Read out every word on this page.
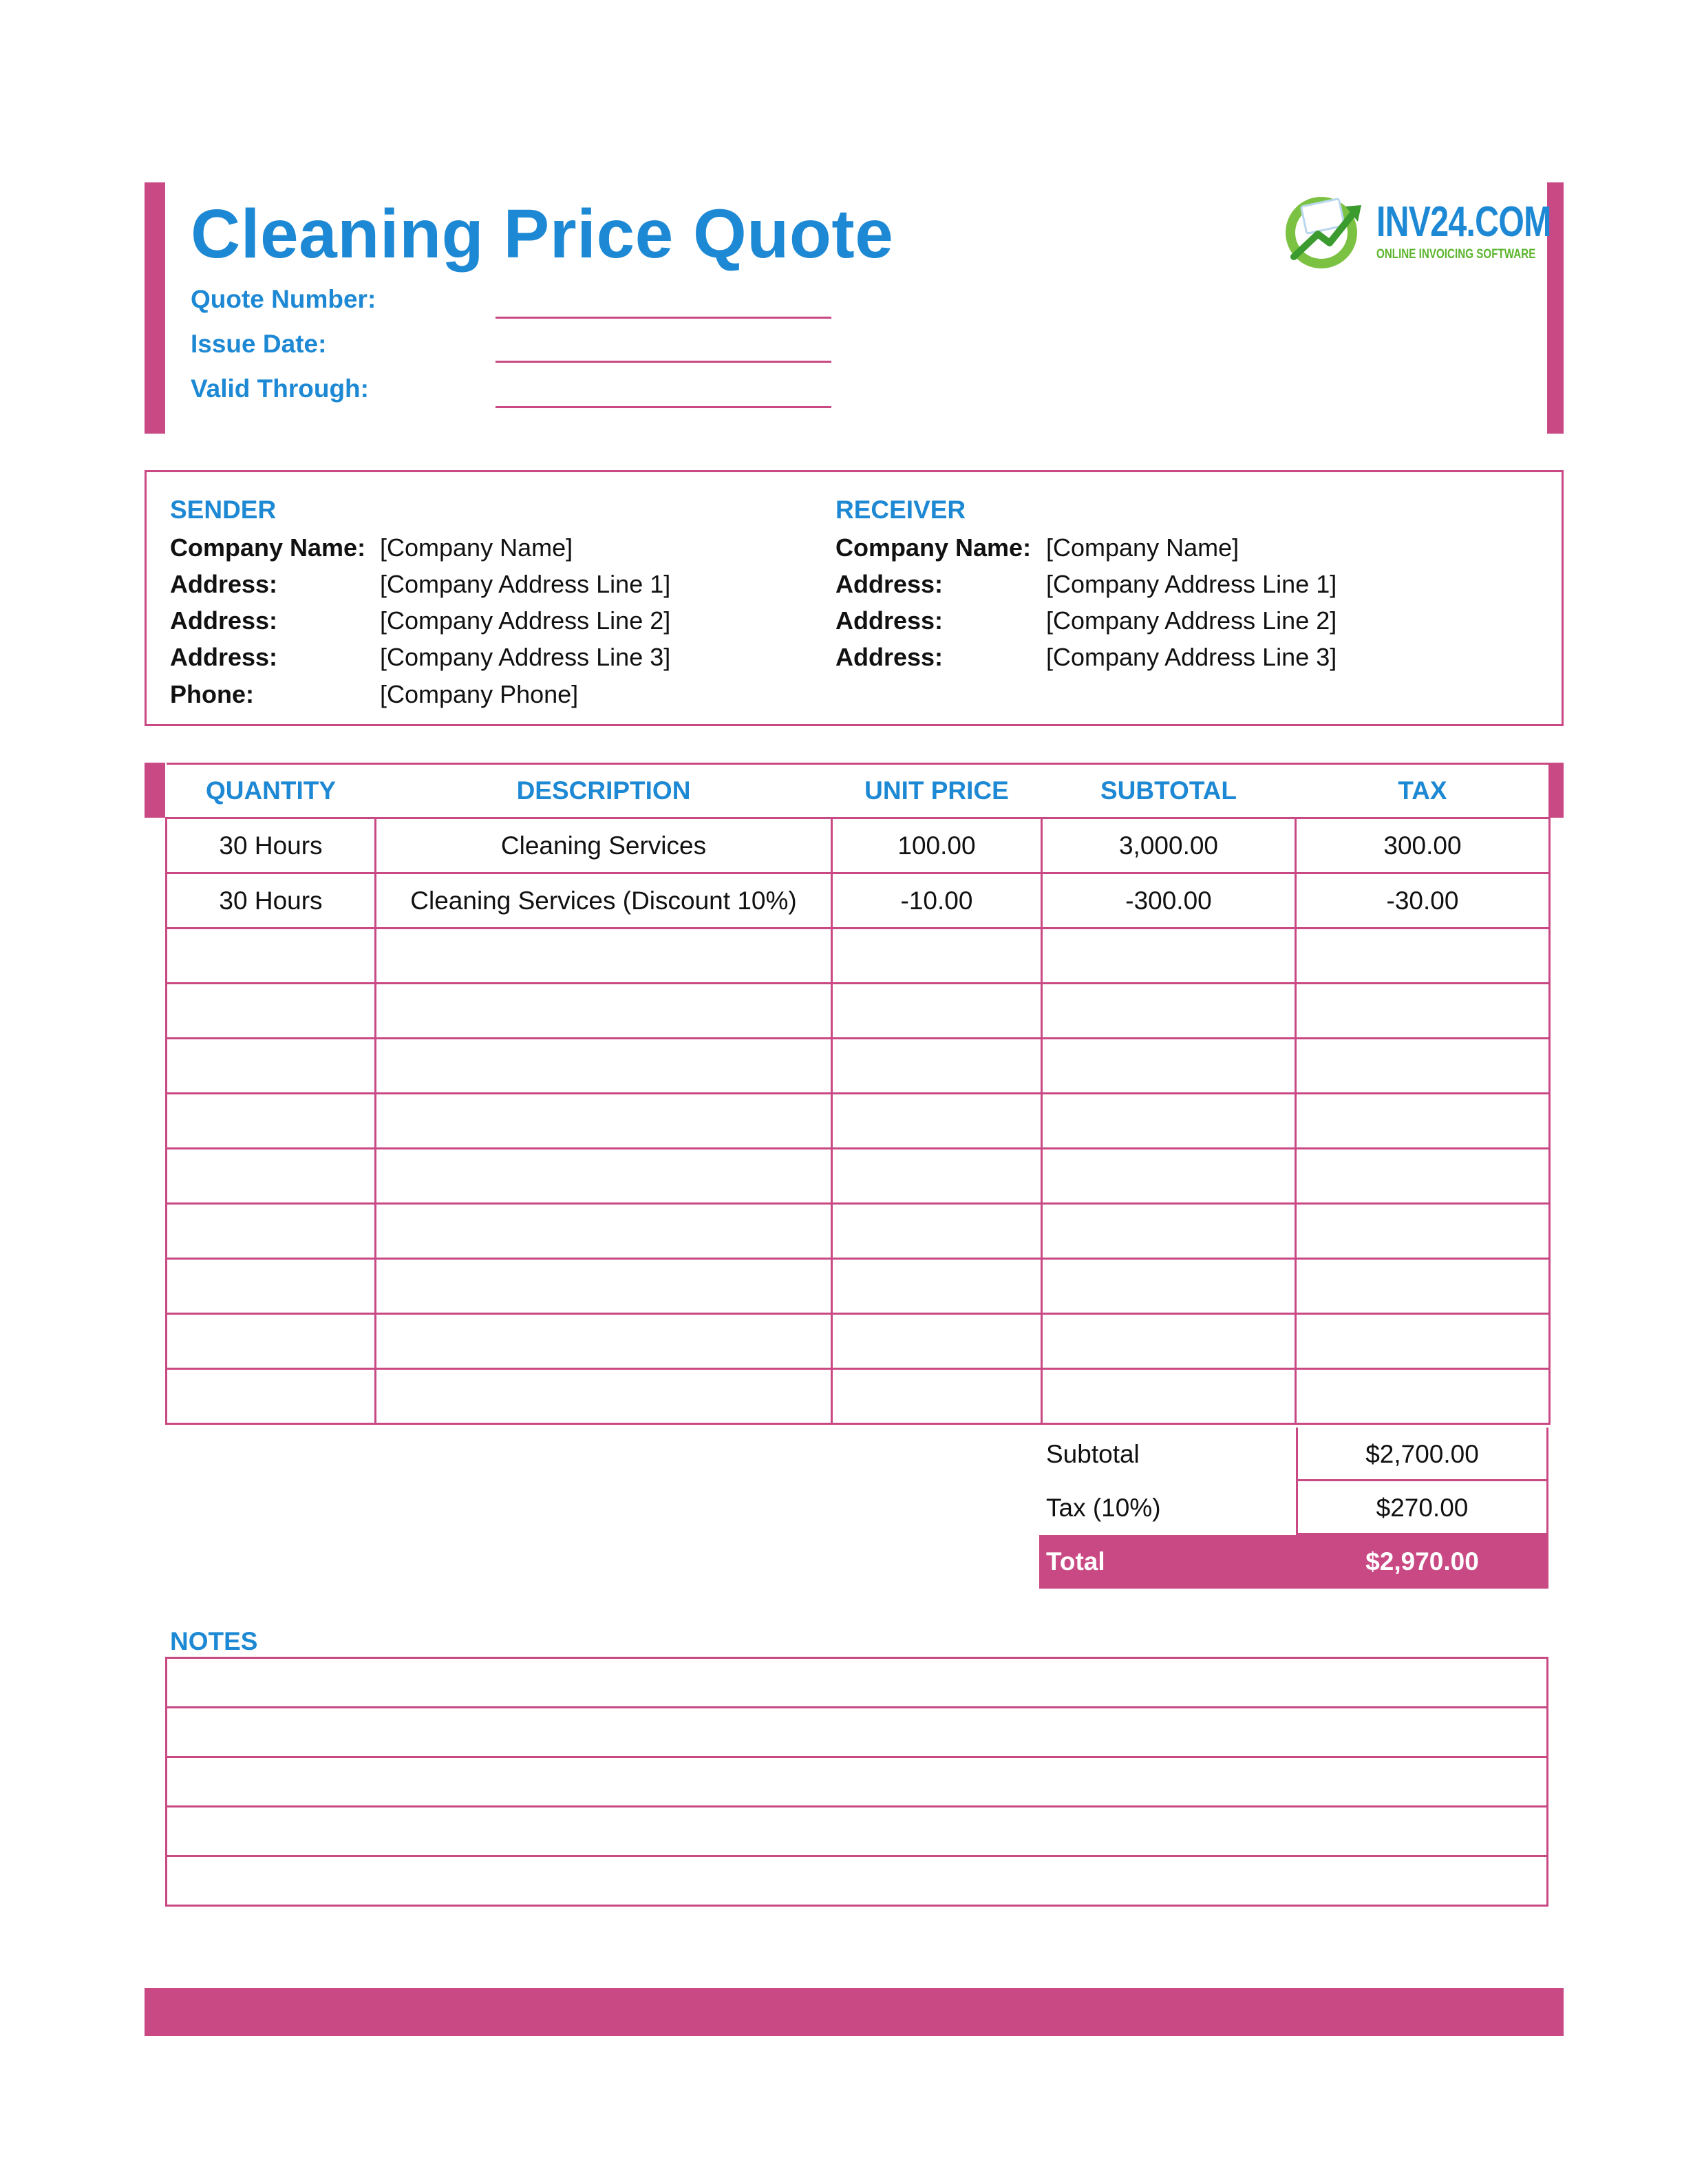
Cleaning Price Quote
Quote Number:
Issue Date:
Valid Through:
INV24.COM
ONLINE INVOICING SOFTWARE
SENDER
Company Name: [Company Name]
Address:	[Company Address Line 1]
Address:	[Company Address Line 2]
Address:	[Company Address Line 3]
Phone:	[Company Phone]
RECEIVER
Company Name: [Company Name]
Address:	[Company Address Line 1]
Address:	[Company Address Line 2]
Address:	[Company Address Line 3]
QUANTITY	DESCRIPTION	UNIT PRICE	SUBTOTAL	TAX
30 Hours	Cleaning Services	100.00	3,000.00	300.00
30 Hours	Cleaning Services (Discount 10%)	-10.00	-300.00	-30.00

Subtotal	$2,700.00
Tax (10%)	$270.00
Total	$2,970.00
NOTES
